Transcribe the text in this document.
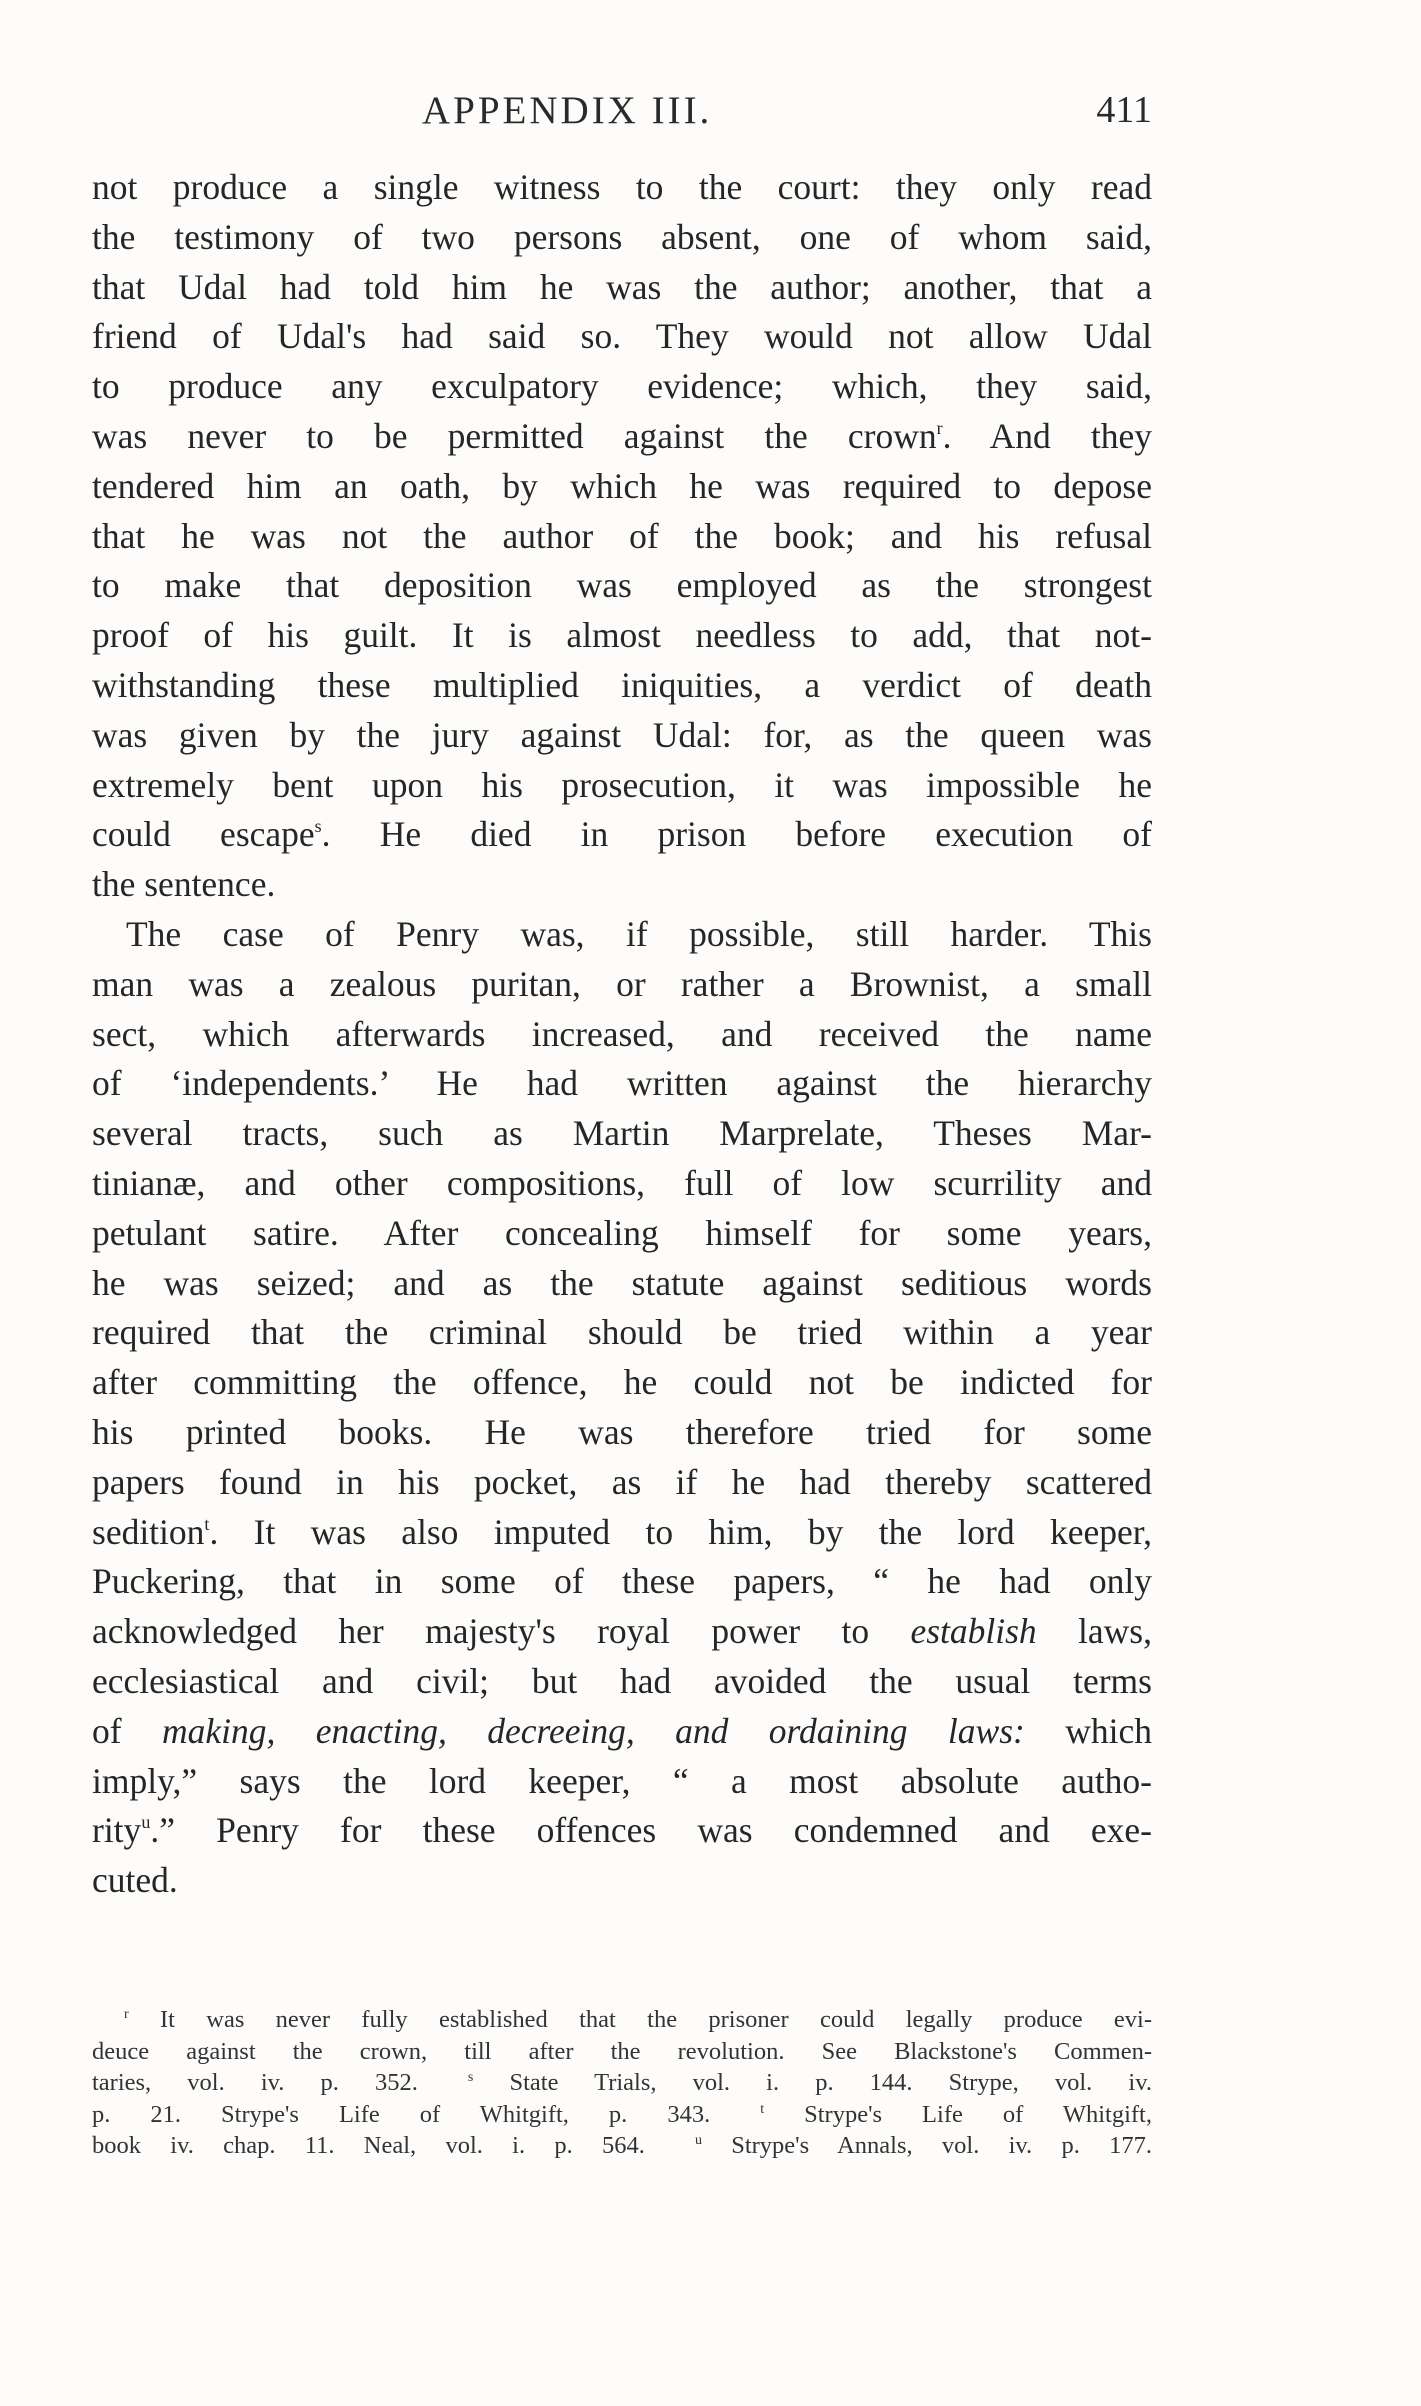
APPENDIX III.	411
not produce a single witness to the court: they only read
the testimony of two persons absent, one of whom said,
that Udal had told him he was the author; another, that a
friend of Udal's had said so. They would not allow Udal
to produce any exculpatory evidence; which, they said,
was never to be permitted against the crown$^r$. And they
tendered him an oath, by which he was required to depose
that he was not the author of the book; and his refusal
to make that deposition was employed as the strongest
proof of his guilt. It is almost needless to add, that not-
withstanding these multiplied iniquities, a verdict of death
was given by the jury against Udal: for, as the queen was
extremely bent upon his prosecution, it was impossible he
could escape$^s$. He died in prison before execution of
the sentence.
The case of Penry was, if possible, still harder. This
man was a zealous puritan, or rather a Brownist, a small
sect, which afterwards increased, and received the name
of ‘independents.’ He had written against the hierarchy
several tracts, such as Martin Marprelate, Theses Mar-
tinianæ, and other compositions, full of low scurrility and
petulant satire. After concealing himself for some years,
he was seized; and as the statute against seditious words
required that the criminal should be tried within a year
after committing the offence, he could not be indicted for
his printed books. He was therefore tried for some
papers found in his pocket, as if he had thereby scattered
sedition$^t$. It was also imputed to him, by the lord keeper,
Puckering, that in some of these papers, “ he had only
acknowledged her majesty's royal power to establish laws,
ecclesiastical and civil; but had avoided the usual terms
of making, enacting, decreeing, and ordaining laws: which
imply,” says the lord keeper, “ a most absolute autho-
rity$^u$.” Penry for these offences was condemned and exe-
cuted.
$^r$ It was never fully established that the prisoner could legally produce evi-
deuce against the crown, till after the revolution. See Blackstone's Commen-
taries, vol. iv. p. 352.	$^s$ State Trials, vol. i. p. 144. Strype, vol. iv.
p. 21. Strype's Life of Whitgift, p. 343.	$^t$ Strype's Life of Whitgift,
book iv. chap. 11. Neal, vol. i. p. 564.	$^u$ Strype's Annals, vol. iv. p. 177.
